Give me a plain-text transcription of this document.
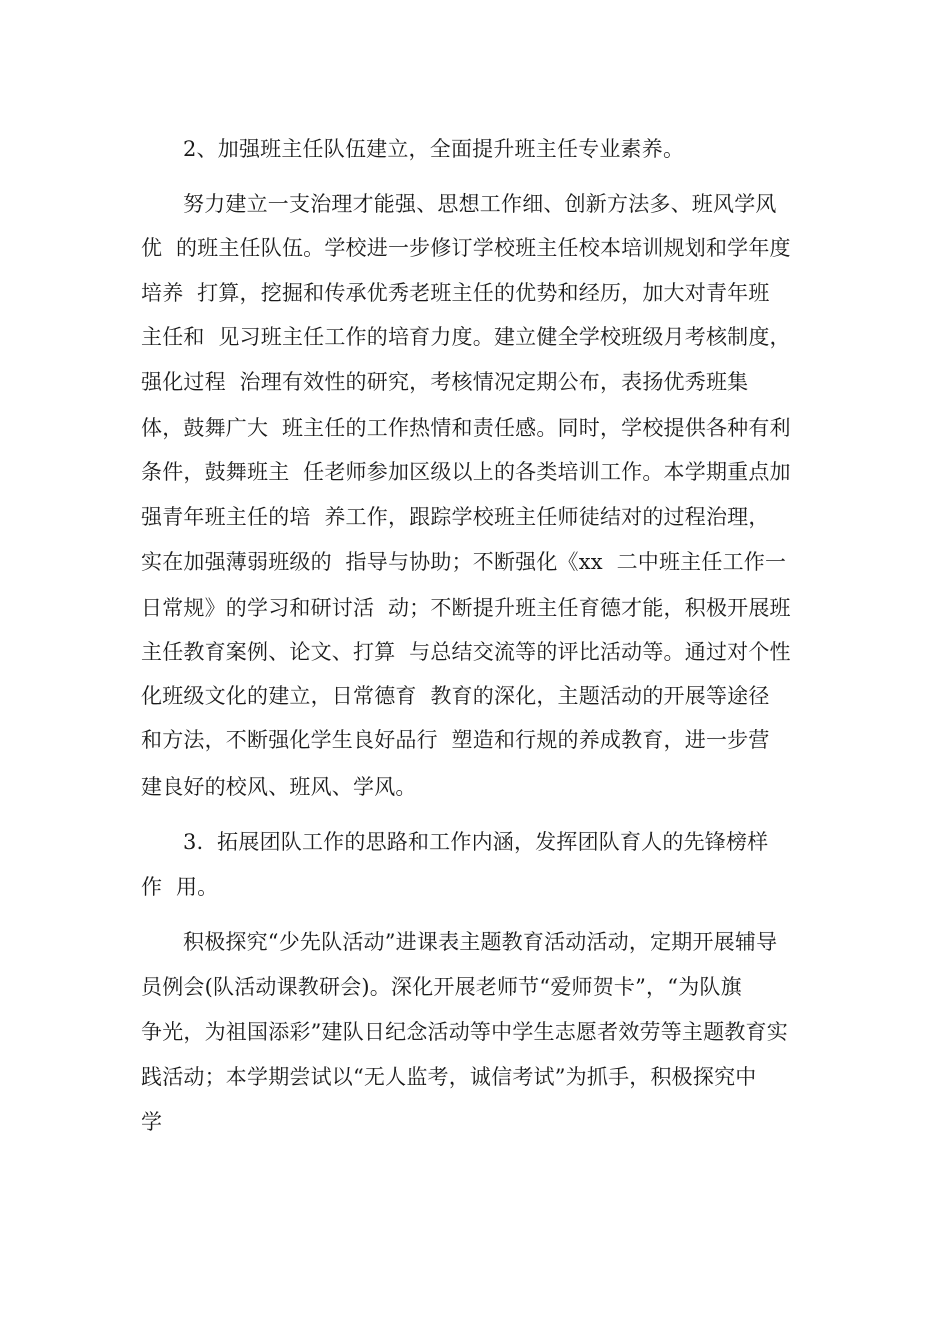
2、加强班主任队伍建立，全面提升班主任专业素养。
努力建立一支治理才能强、思想工作细、创新方法多、班风学风
优  的班主任队伍。学校进一步修订学校班主任校本培训规划和学年度
培养  打算，挖掘和传承优秀老班主任的优势和经历，加大对青年班
主任和  见习班主任工作的培育力度。建立健全学校班级月考核制度，
强化过程  治理有效性的研究，考核情况定期公布，表扬优秀班集
体，鼓舞广大  班主任的工作热情和责任感。同时，学校提供各种有利
条件，鼓舞班主  任老师参加区级以上的各类培训工作。本学期重点加
强青年班主任的培  养工作，跟踪学校班主任师徒结对的过程治理，
实在加强薄弱班级的  指导与协助；不断强化《xx  二中班主任工作一
日常规》的学习和研讨活  动；不断提升班主任育德才能，积极开展班
主任教育案例、论文、打算  与总结交流等的评比活动等。通过对个性
化班级文化的建立，日常德育  教育的深化，主题活动的开展等途径
和方法，不断强化学生良好品行  塑造和行规的养成教育，进一步营
建良好的校风、班风、学风。
3.  拓展团队工作的思路和工作内涵，发挥团队育人的先锋榜样
作  用。
积极探究“少先队活动”进课表主题教育活动活动，定期开展辅导
员例会(队活动课教研会)。深化开展老师节“爱师贺卡”，“为队旗
争光，为祖国添彩”建队日纪念活动等中学生志愿者效劳等主题教育实
践活动；本学期尝试以“无人监考，诚信考试”为抓手，积极探究中
学
